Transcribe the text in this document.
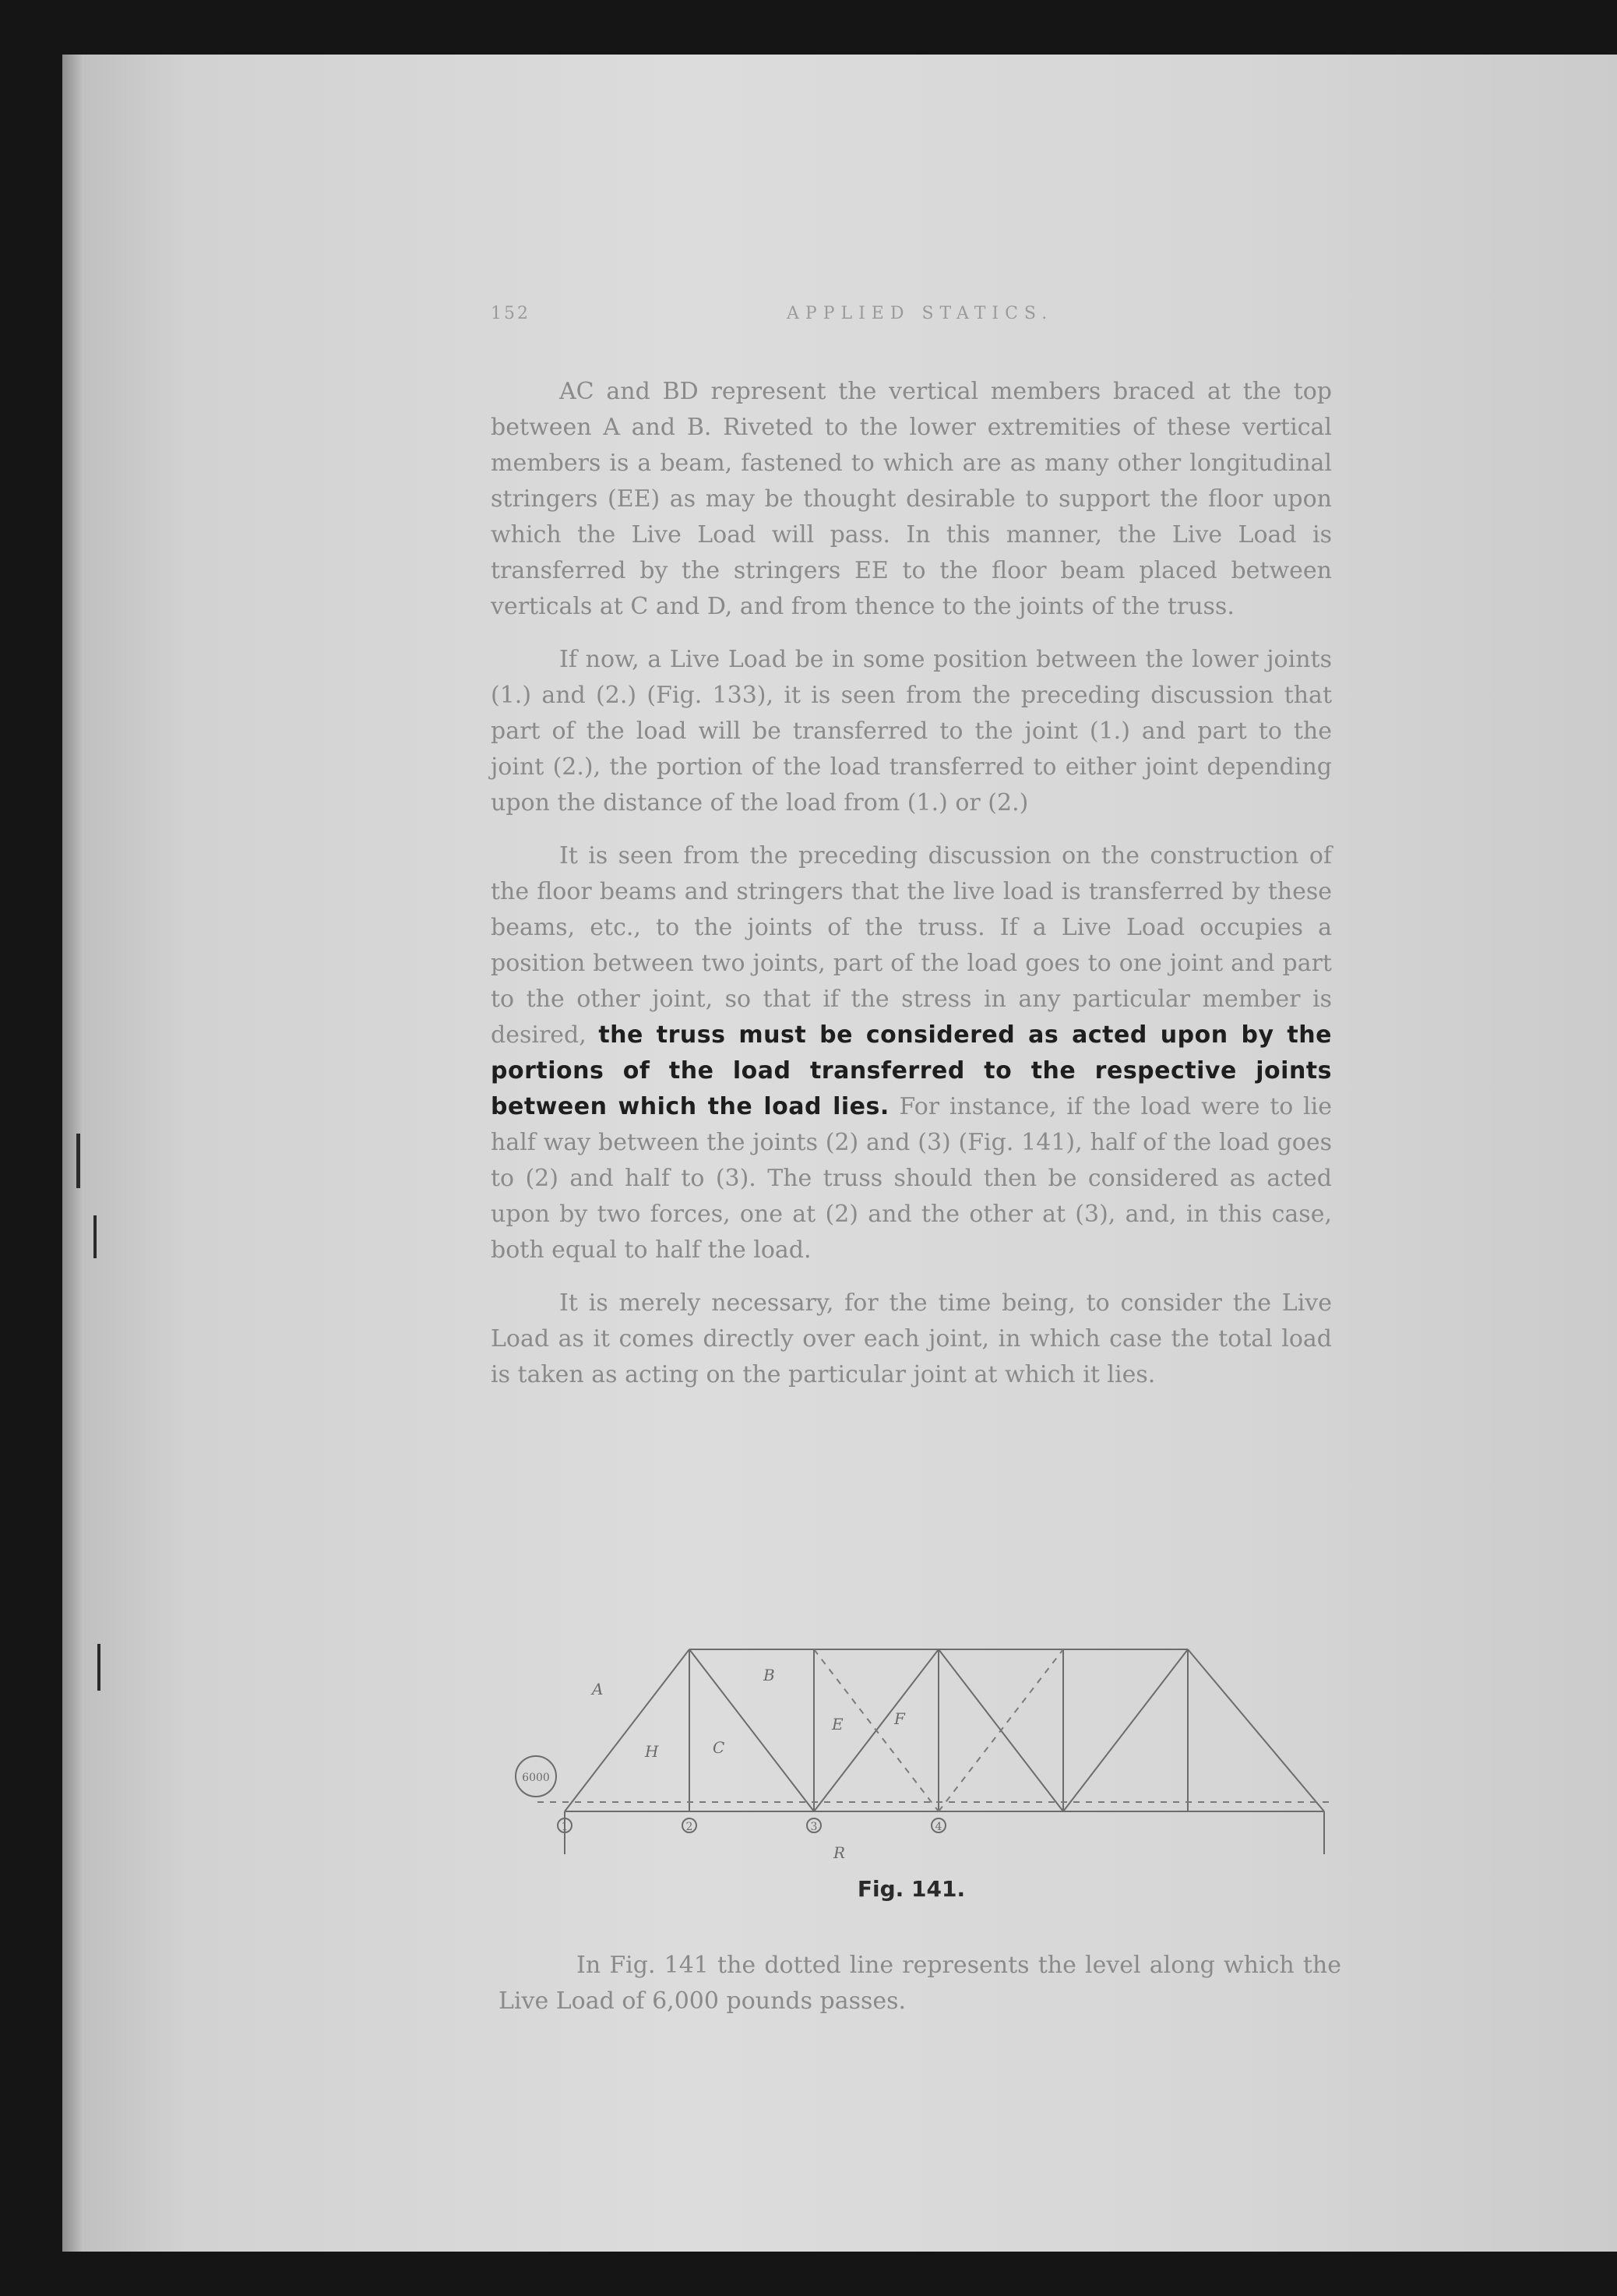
152	APPLIED STATICS.

AC and BD represent the vertical members braced at the top between A and B. Riveted to the lower extremities of these vertical members is a beam, fastened to which are as many other longitudinal stringers (EE) as may be thought desirable to support the floor upon which the Live Load will pass. In this manner, the Live Load is transferred by the stringers EE to the floor beam placed between verticals at C and D, and from thence to the joints of the truss.

If now, a Live Load be in some position between the lower joints (1.) and (2.) (Fig. 133), it is seen from the preceding discussion that part of the load will be transferred to the joint (1.) and part to the joint (2.), the portion of the load transferred to either joint depending upon the distance of the load from (1.) or (2.)

It is seen from the preceding discussion on the construction of the floor beams and stringers that the live load is transferred by these beams, etc., to the joints of the truss. If a Live Load occupies a position between two joints, part of the load goes to one joint and part to the other joint, so that if the stress in any particular member is desired, the truss must be considered as acted upon by the portions of the load transferred to the respective joints between which the load lies. For instance, if the load were to lie half way between the joints (2) and (3) (Fig. 141), half of the load goes to (2) and half to (3). The truss should then be considered as acted upon by two forces, one at (2) and the other at (3), and, in this case, both equal to half the load.

It is merely necessary, for the time being, to consider the Live Load as it comes directly over each joint, in which case the total load is taken as acting on the particular joint at which it lies.

6000
A
B
H	C
E	F
R
1	2	3	4
Fig. 141.

In Fig. 141 the dotted line represents the level along which the Live Load of 6,000 pounds passes.
